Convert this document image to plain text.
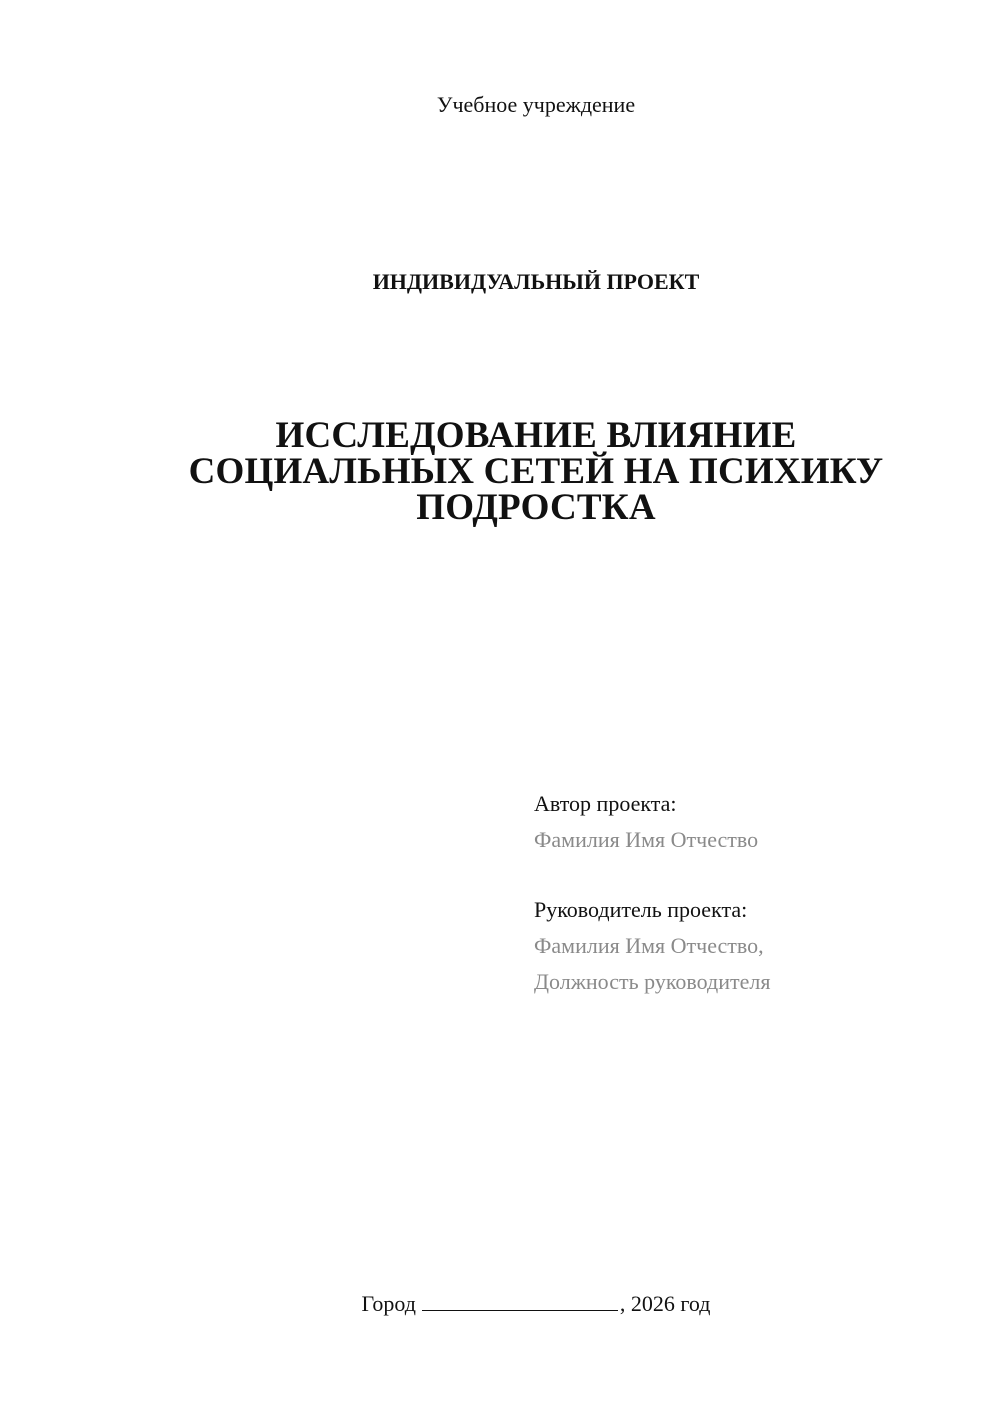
Учебное учреждение
ИНДИВИДУАЛЬНЫЙ ПРОЕКТ
ИССЛЕДОВАНИЕ ВЛИЯНИЕ
СОЦИАЛЬНЫХ СЕТЕЙ НА ПСИХИКУ
ПОДРОСТКА
Автор проекта:
Фамилия Имя Отчество
Руководитель проекта:
Фамилия Имя Отчество,
Должность руководителя
Город	, 2026 год
